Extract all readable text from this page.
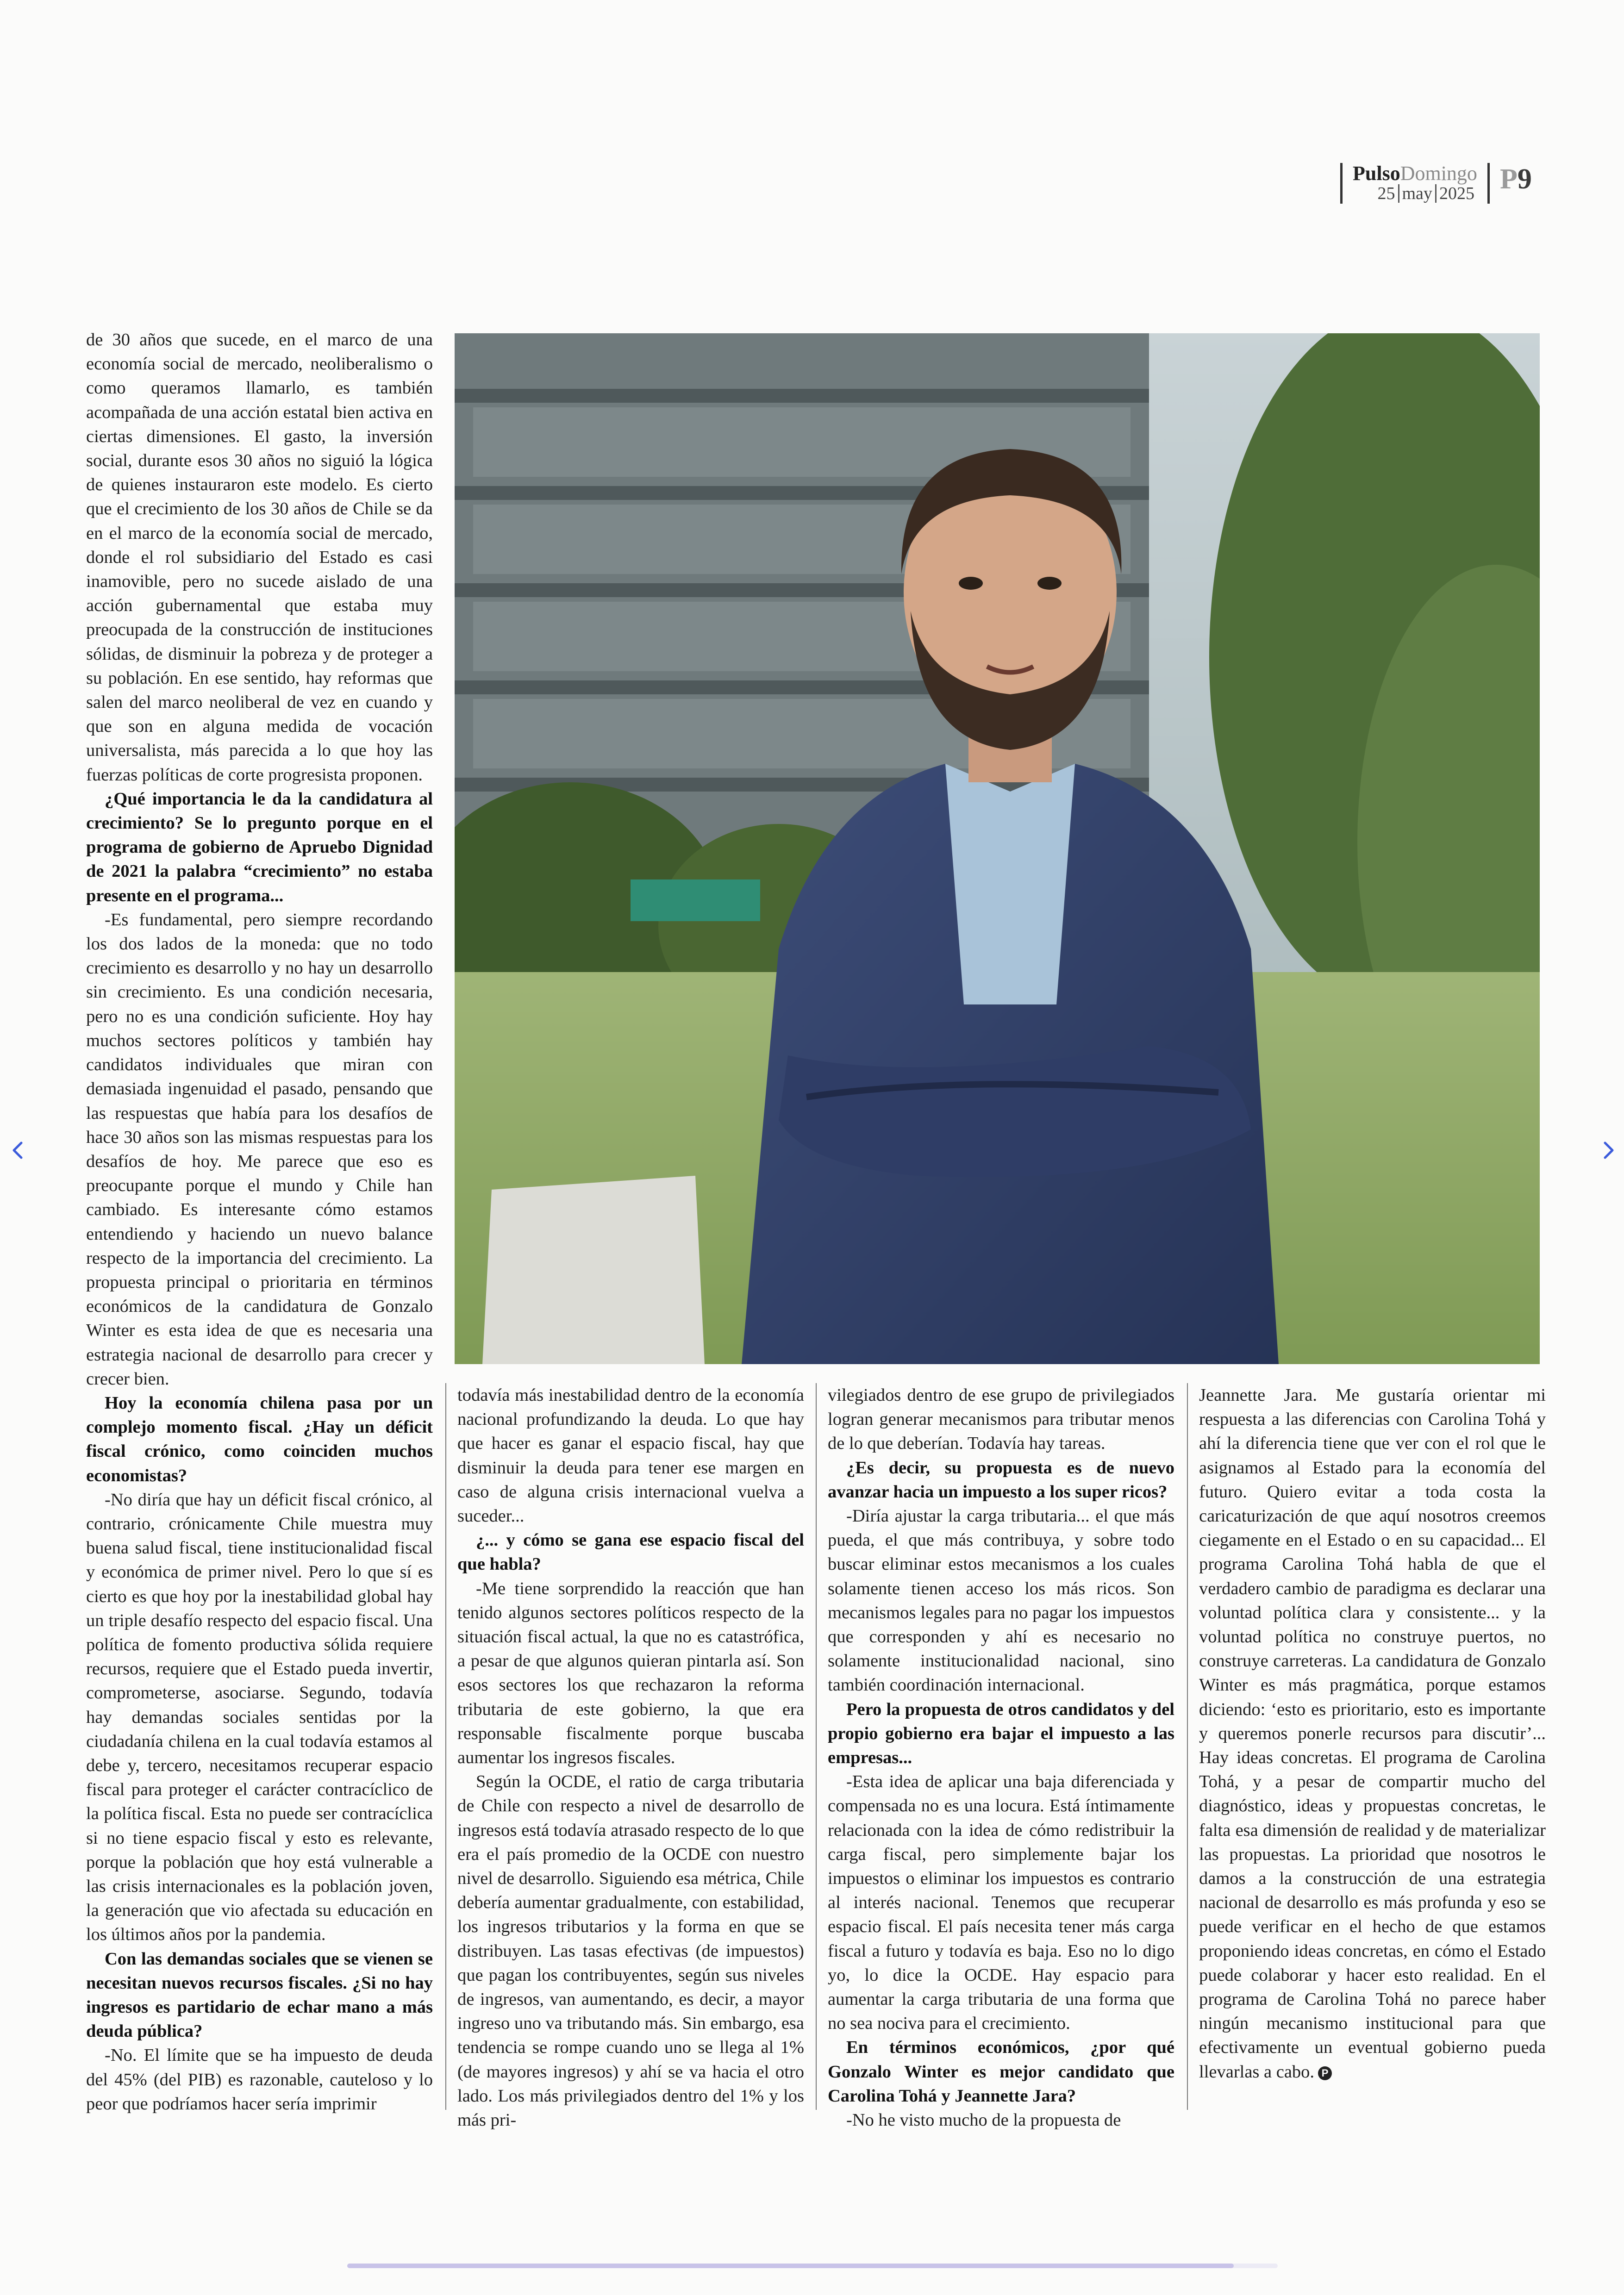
PulsoDomingo
25 may 2025 P9

de 30 años que sucede, en el marco de una economía social de mercado, neoliberalismo o como queramos llamarlo, es también acompañada de una acción estatal bien activa en ciertas dimensiones. El gasto, la inversión social, durante esos 30 años no siguió la lógica de quienes instauraron este modelo. Es cierto que el crecimiento de los 30 años de Chile se da en el marco de la economía social de mercado, donde el rol subsidiario del Estado es casi inamovible, pero no sucede aislado de una acción gubernamental que estaba muy preocupada de la construcción de instituciones sólidas, de disminuir la pobreza y de proteger a su población. En ese sentido, hay reformas que salen del marco neoliberal de vez en cuando y que son en alguna medida de vocación universalista, más parecida a lo que hoy las fuerzas políticas de corte progresista proponen.

¿Qué importancia le da la candidatura al crecimiento? Se lo pregunto porque en el programa de gobierno de Apruebo Dignidad de 2021 la palabra “crecimiento” no estaba presente en el programa...

-Es fundamental, pero siempre recordando los dos lados de la moneda: que no todo crecimiento es desarrollo y no hay un desarrollo sin crecimiento. Es una condición necesaria, pero no es una condición suficiente. Hoy hay muchos sectores políticos y también hay candidatos individuales que miran con demasiada ingenuidad el pasado, pensando que las respuestas que había para los desafíos de hace 30 años son las mismas respuestas para los desafíos de hoy. Me parece que eso es preocupante porque el mundo y Chile han cambiado. Es interesante cómo estamos entendiendo y haciendo un nuevo balance respecto de la importancia del crecimiento. La propuesta principal o prioritaria en términos económicos de la candidatura de Gonzalo Winter es esta idea de que es necesaria una estrategia nacional de desarrollo para crecer y crecer bien.

Hoy la economía chilena pasa por un complejo momento fiscal. ¿Hay un déficit fiscal crónico, como coinciden muchos economistas?

-No diría que hay un déficit fiscal crónico, al contrario, crónicamente Chile muestra muy buena salud fiscal, tiene institucionalidad fiscal y económica de primer nivel. Pero lo que sí es cierto es que hoy por la inestabilidad global hay un triple desafío respecto del espacio fiscal. Una política de fomento productiva sólida requiere recursos, requiere que el Estado pueda invertir, comprometerse, asociarse. Segundo, todavía hay demandas sociales sentidas por la ciudadanía chilena en la cual todavía estamos al debe y, tercero, necesitamos recuperar espacio fiscal para proteger el carácter contracíclico de la política fiscal. Esta no puede ser contracíclica si no tiene espacio fiscal y esto es relevante, porque la población que hoy está vulnerable a las crisis internacionales es la población joven, la generación que vio afectada su educación en los últimos años por la pandemia.

Con las demandas sociales que se vienen se necesitan nuevos recursos fiscales. ¿Si no hay ingresos es partidario de echar mano a más deuda pública?

-No. El límite que se ha impuesto de deuda del 45% (del PIB) es razonable, cauteloso y lo peor que podríamos hacer sería imprimir

todavía más inestabilidad dentro de la economía nacional profundizando la deuda. Lo que hay que hacer es ganar el espacio fiscal, hay que disminuir la deuda para tener ese margen en caso de alguna crisis internacional vuelva a suceder...

¿... y cómo se gana ese espacio fiscal del que habla?

-Me tiene sorprendido la reacción que han tenido algunos sectores políticos respecto de la situación fiscal actual, la que no es catastrófica, a pesar de que algunos quieran pintarla así. Son esos sectores los que rechazaron la reforma tributaria de este gobierno, la que era responsable fiscalmente porque buscaba aumentar los ingresos fiscales.

Según la OCDE, el ratio de carga tributaria de Chile con respecto a nivel de desarrollo de ingresos está todavía atrasado respecto de lo que era el país promedio de la OCDE con nuestro nivel de desarrollo. Siguiendo esa métrica, Chile debería aumentar gradualmente, con estabilidad, los ingresos tributarios y la forma en que se distribuyen. Las tasas efectivas (de impuestos) que pagan los contribuyentes, según sus niveles de ingresos, van aumentando, es decir, a mayor ingreso uno va tributando más. Sin embargo, esa tendencia se rompe cuando uno se llega al 1% (de mayores ingresos) y ahí se va hacia el otro lado. Los más privilegiados dentro del 1% y los más pri-

vilegiados dentro de ese grupo de privilegiados logran generar mecanismos para tributar menos de lo que deberían. Todavía hay tareas.

¿Es decir, su propuesta es de nuevo avanzar hacia un impuesto a los super ricos?

-Diría ajustar la carga tributaria... el que más pueda, el que más contribuya, y sobre todo buscar eliminar estos mecanismos a los cuales solamente tienen acceso los más ricos. Son mecanismos legales para no pagar los impuestos que corresponden y ahí es necesario no solamente institucionalidad nacional, sino también coordinación internacional.

Pero la propuesta de otros candidatos y del propio gobierno era bajar el impuesto a las empresas...

-Esta idea de aplicar una baja diferenciada y compensada no es una locura. Está íntimamente relacionada con la idea de cómo redistribuir la carga fiscal, pero simplemente bajar los impuestos o eliminar los impuestos es contrario al interés nacional. Tenemos que recuperar espacio fiscal. El país necesita tener más carga fiscal a futuro y todavía es baja. Eso no lo digo yo, lo dice la OCDE. Hay espacio para aumentar la carga tributaria de una forma que no sea nociva para el crecimiento.

En términos económicos, ¿por qué Gonzalo Winter es mejor candidato que Carolina Tohá y Jeannette Jara?

-No he visto mucho de la propuesta de

Jeannette Jara. Me gustaría orientar mi respuesta a las diferencias con Carolina Tohá y ahí la diferencia tiene que ver con el rol que le asignamos al Estado para la economía del futuro. Quiero evitar a toda costa la caricaturización de que aquí nosotros creemos ciegamente en el Estado o en su capacidad... El programa Carolina Tohá habla de que el verdadero cambio de paradigma es declarar una voluntad política clara y consistente... y la voluntad política no construye puertos, no construye carreteras. La candidatura de Gonzalo Winter es más pragmática, porque estamos diciendo: ‘esto es prioritario, esto es importante y queremos ponerle recursos para discutir’... Hay ideas concretas. El programa de Carolina Tohá, y a pesar de compartir mucho del diagnóstico, ideas y propuestas concretas, le falta esa dimensión de realidad y de materializar las propuestas. La prioridad que nosotros le damos a la construcción de una estrategia nacional de desarrollo es más profunda y eso se puede verificar en el hecho de que estamos proponiendo ideas concretas, en cómo el Estado puede colaborar y hacer esto realidad. En el programa de Carolina Tohá no parece haber ningún mecanismo institucional para que efectivamente un eventual gobierno pueda llevarlas a cabo. P
